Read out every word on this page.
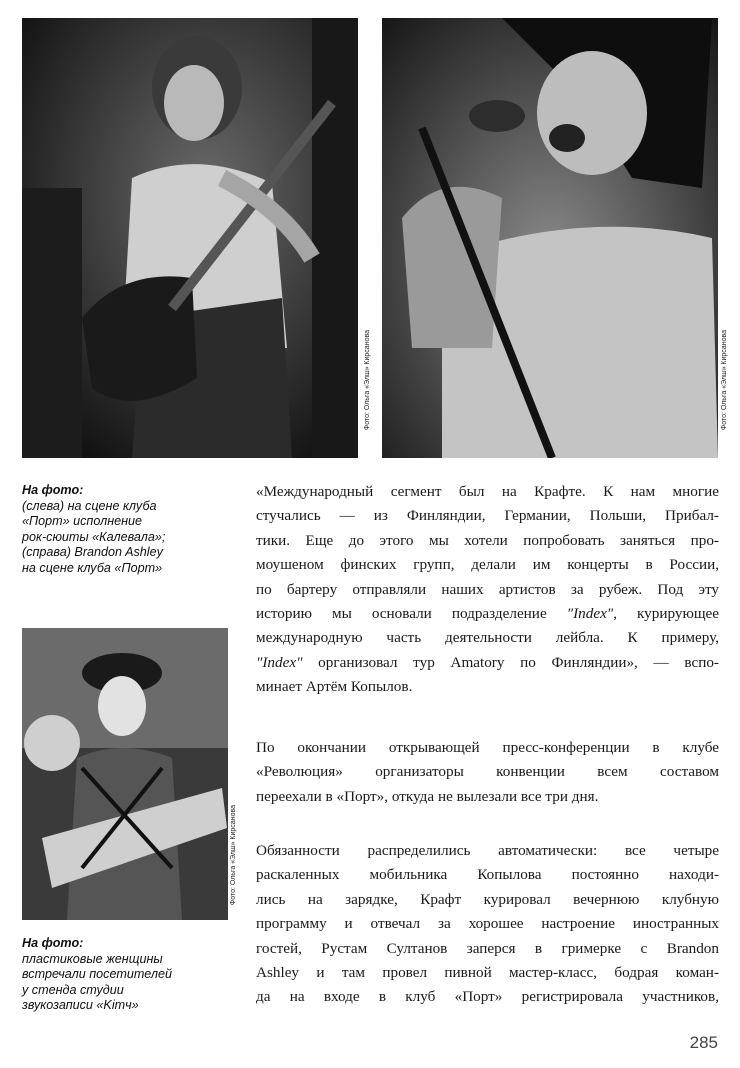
Фото: Ольга «Элш» Кирсанова	Фото: Ольга «Элш» Кирсанова
На фото:
(слева) на сцене клуба
«Порт» исполнение
рок-сюиты «Калевала»;
(справа) Brandon Ashley
на сцене клуба «Порт»
Фото: Ольга «Элш» Кирсанова
На фото:
пластиковые женщины
встречали посетителей
у стенда студии
звукозаписи «Kiтч»
«Международный сегмент был на Крафте. К нам многие
стучались — из Финляндии, Германии, Польши, Прибал-
тики. Еще до этого мы хотели попробовать заняться про-
моушеном финских групп, делали им концерты в России,
по бартеру отправляли наших артистов за рубеж. Под эту
историю мы основали подразделение "Index", курирующее
международную часть деятельности лейбла. К примеру,
"Index" организовал тур Amatory по Финляндии», — вспо-
минает Артём Копылов.
По окончании открывающей пресс-конференции в клубе
«Революция» организаторы конвенции всем составом
переехали в «Порт», откуда не вылезали все три дня.
Обязанности распределились автоматически: все четыре
раскаленных мобильника Копылова постоянно находи-
лись на зарядке, Крафт курировал вечернюю клубную
программу и отвечал за хорошее настроение иностранных
гостей, Рустам Султанов заперся в гримерке с Brandon
Ashley и там провел пивной мастер-класс, бодрая коман-
да на входе в клуб «Порт» регистрировала участников,
285
